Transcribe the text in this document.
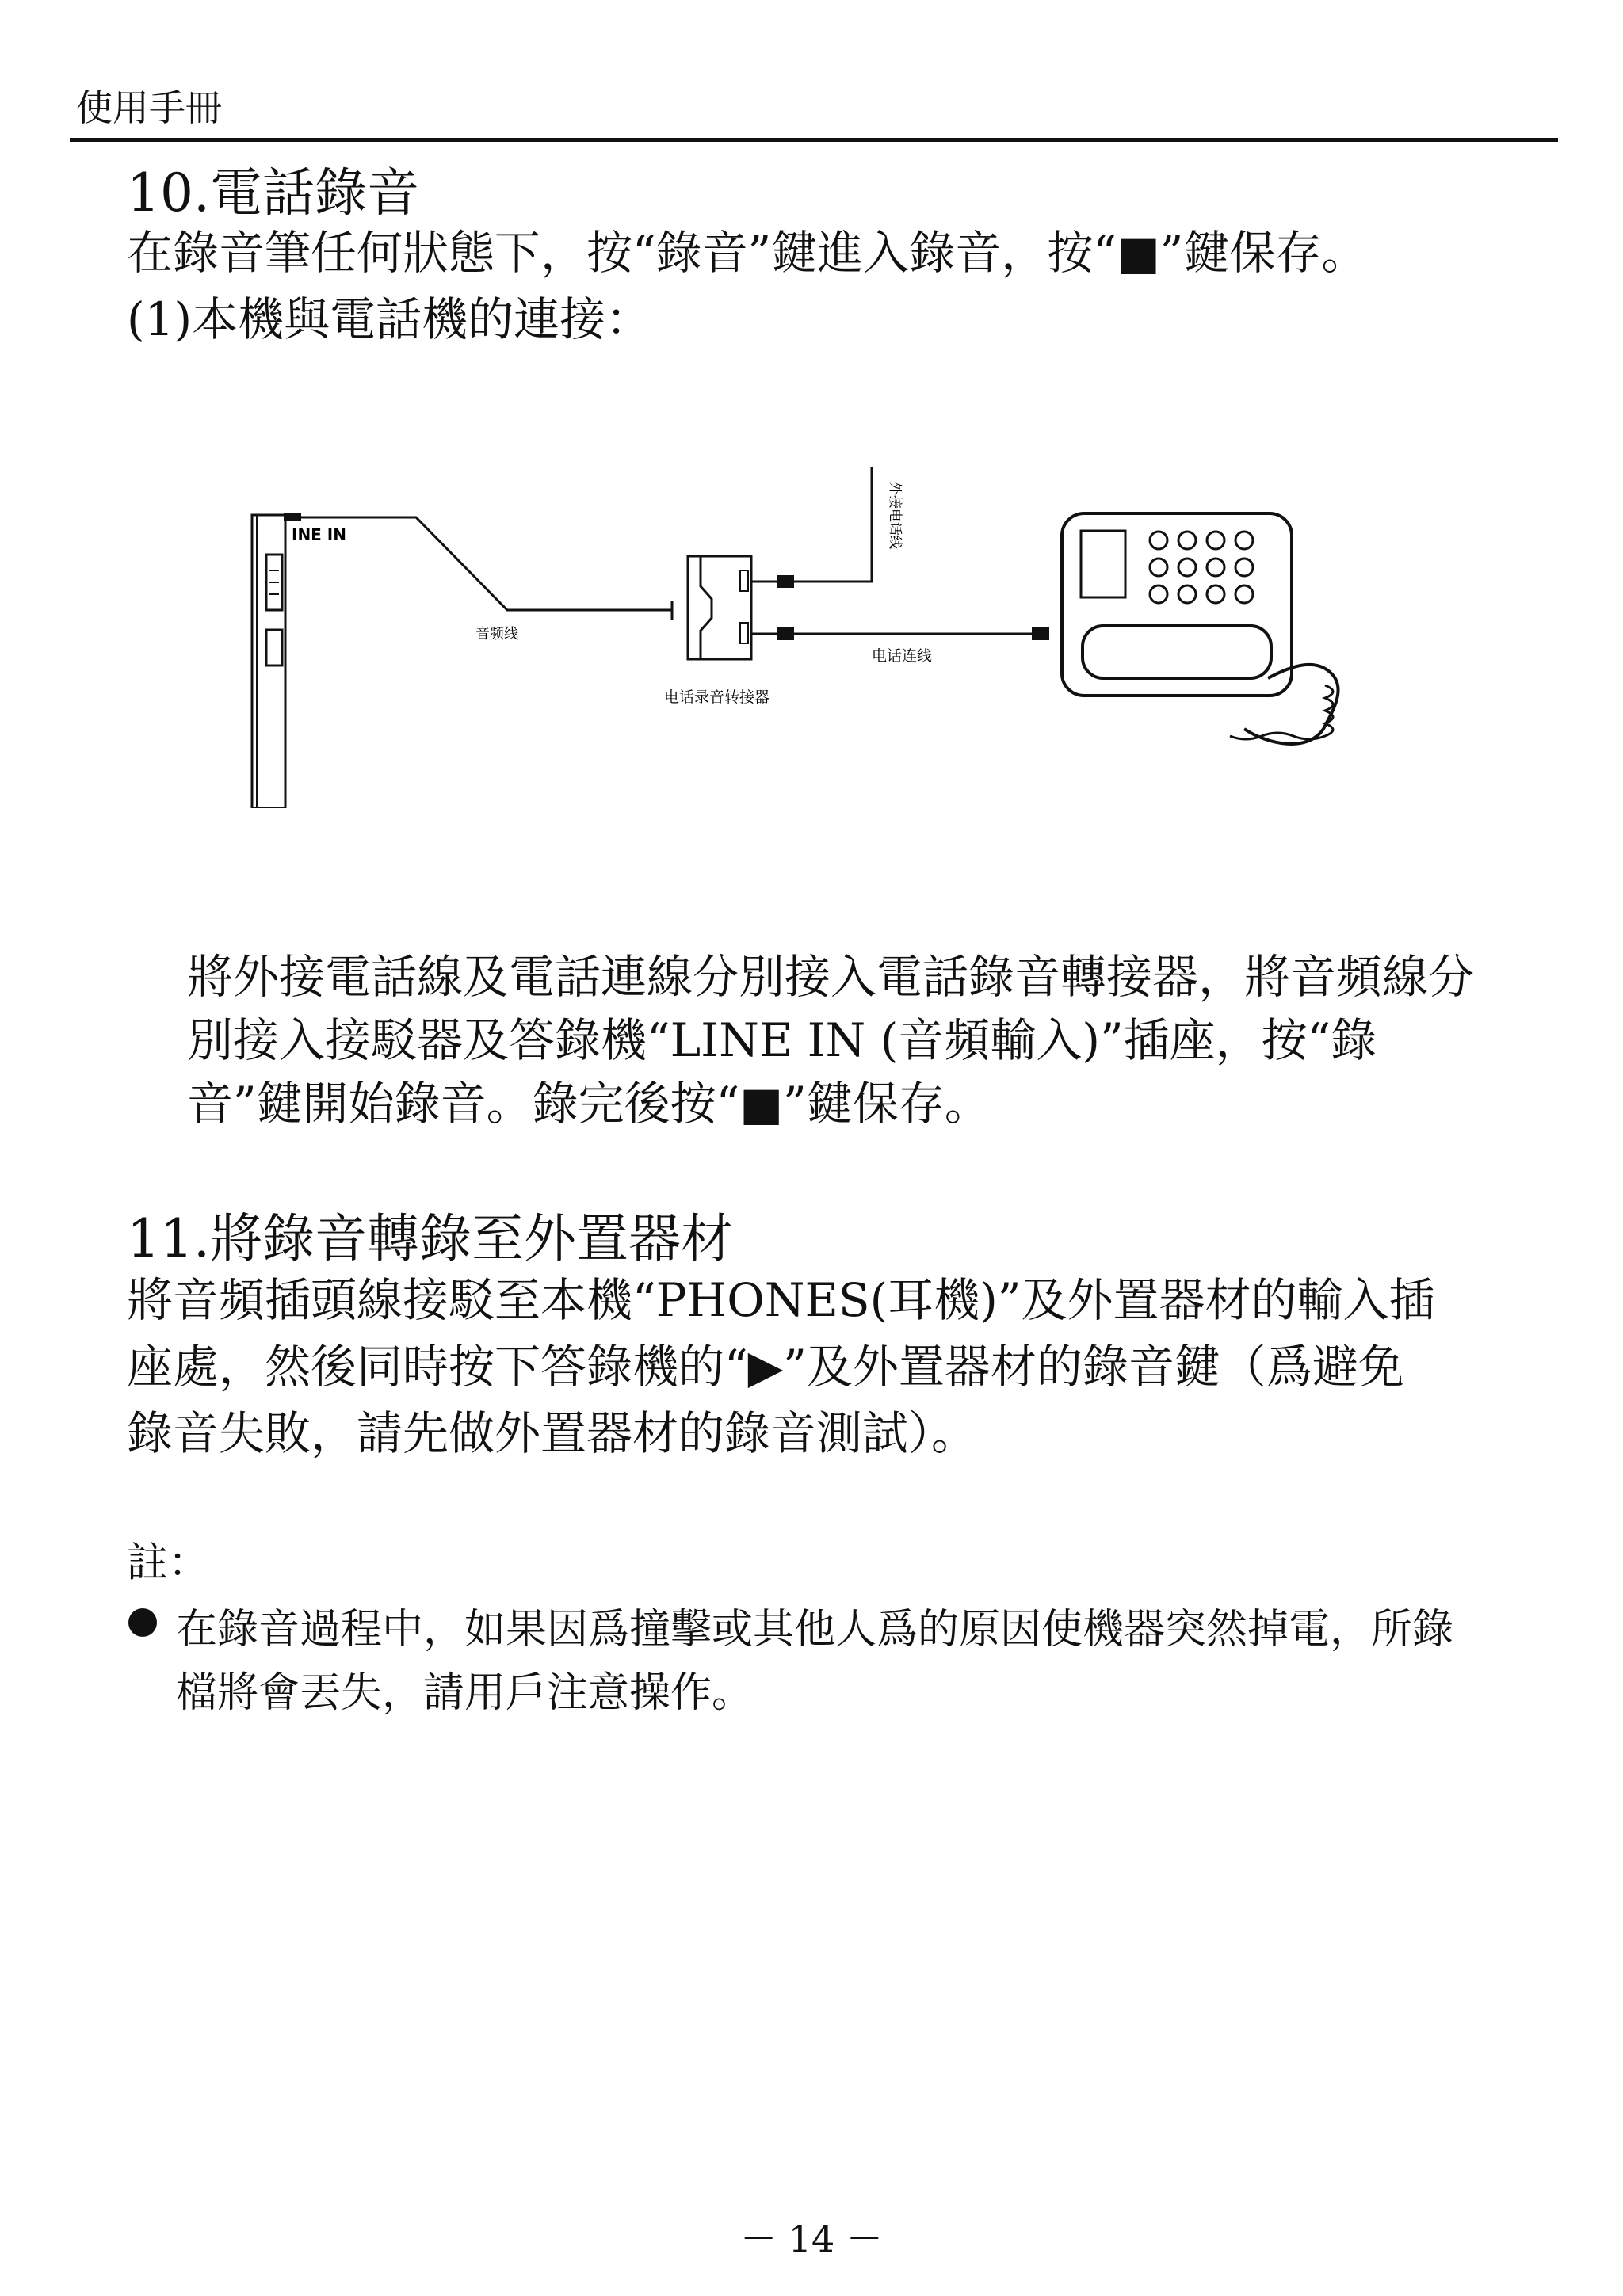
使用手冊
10.電話錄音
在錄音筆任何狀態下，按“錄音”鍵進入錄音，按“■”鍵保存。
(1)本機與電話機的連接：
INE IN
音频线
电话录音转接器
外接电话线
电话连线
將外接電話線及電話連線分別接入電話錄音轉接器，將音頻線分
別接入接駁器及答錄機“LINE IN (音頻輸入)”插座，按“錄
音”鍵開始錄音。錄完後按“■”鍵保存。
11.將錄音轉錄至外置器材
將音頻插頭線接駁至本機“PHONES(耳機)”及外置器材的輸入插
座處，然後同時按下答錄機的“▶”及外置器材的錄音鍵（爲避免
錄音失敗，請先做外置器材的錄音測試）。
註：
在錄音過程中，如果因爲撞擊或其他人爲的原因使機器突然掉電，所錄
檔將會丟失，請用戶注意操作。
－ 14 －
